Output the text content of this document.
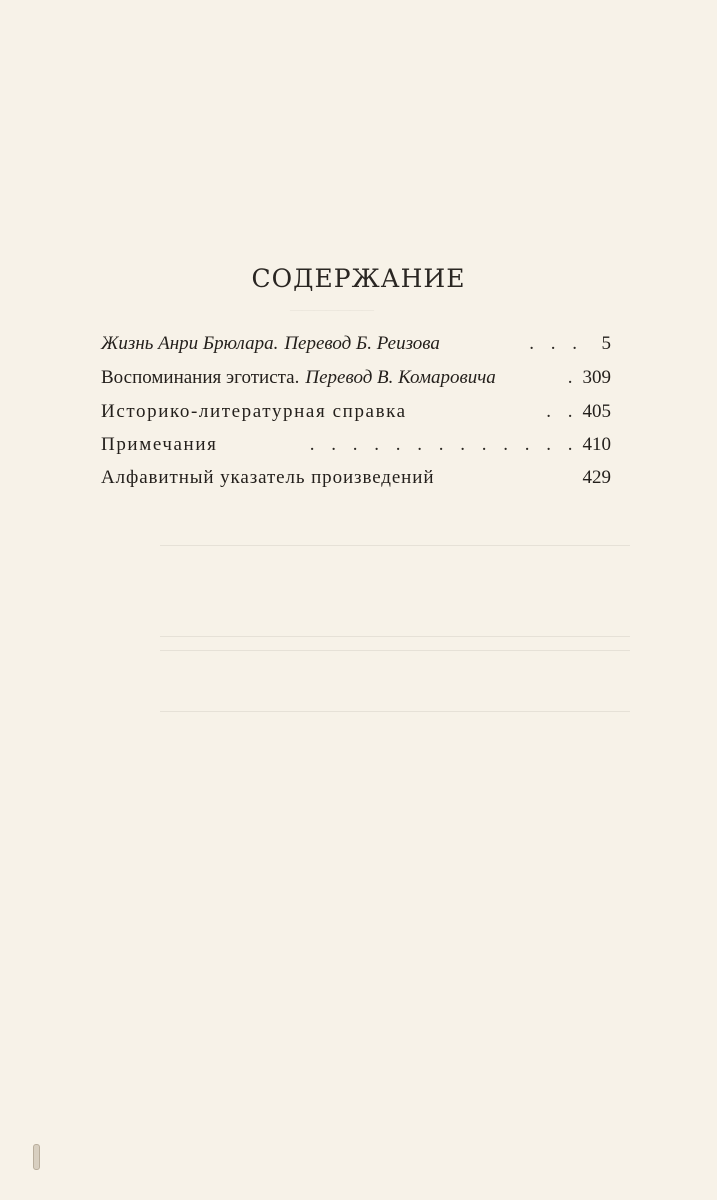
———————
СОДЕРЖАНИЕ
Жизнь Анри Брюлара. Перевод Б. Реизова	. . . 5
Воспоминания эготиста. Перевод В. Комаровича	. 309
Историко-литературная справка	. . 405
Примечания	. . . . . . . . . . . . . 410
Алфавитный указатель произведений	429
